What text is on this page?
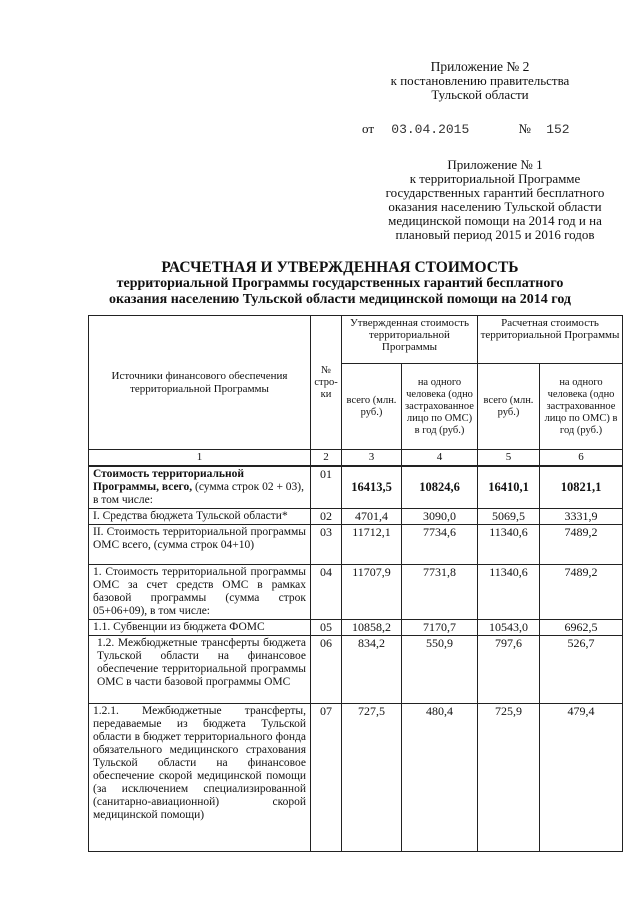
Приложение № 2
к постановлению правительства
Тульской области
от 03.04.2015	№ 152
Приложение № 1
к территориальной Программе
государственных гарантий бесплатного
оказания населению Тульской области
медицинской помощи на 2014 год и на
плановый период 2015 и 2016 годов
РАСЧЕТНАЯ И УТВЕРЖДЕННАЯ СТОИМОСТЬ
территориальной Программы государственных гарантий бесплатного
оказания населению Тульской области медицинской помощи на 2014 год
Источники финансового обеспечения территориальной Программы	№ стро-ки	Утвержденная стоимость территориальной Программы		Расчетная стоимость территориальной Программы	
		всего (млн. руб.)	на одного человека (одно застрахованное лицо по ОМС) в год (руб.)	всего (млн. руб.)	на одного человека (одно застрахованное лицо по ОМС) в год (руб.)
1	2	3	4	5	6
Стоимость территориальной Программы, всего, (сумма строк 02 + 03), в том числе:	01	16413,5	10824,6	16410,1	10821,1
I. Средства бюджета Тульской области*	02	4701,4	3090,0	5069,5	3331,9
II. Стоимость территориальной программы ОМС всего, (сумма строк 04+10)	03	11712,1	7734,6	11340,6	7489,2
1. Стоимость территориальной программы ОМС за счет средств ОМС в рамках базовой программы (сумма строк 05+06+09), в том числе:	04	11707,9	7731,8	11340,6	7489,2
1.1. Субвенции из бюджета ФОМС	05	10858,2	7170,7	10543,0	6962,5
1.2. Межбюджетные трансферты бюджета Тульской области на финансовое обеспечение территориальной программы ОМС в части базовой программы ОМС	06	834,2	550,9	797,6	526,7
1.2.1. Межбюджетные трансферты, передаваемые из бюджета Тульской области в бюджет территориального фонда обязательного медицинского страхования Тульской области на финансовое обеспечение скорой медицинской помощи (за исключением специализированной (санитарно-авиационной) скорой медицинской помощи)	07	727,5	480,4	725,9	479,4
